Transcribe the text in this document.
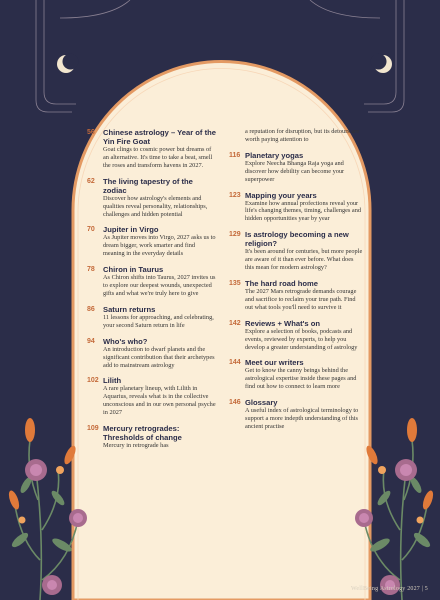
56	Chinese astrology – Year of the Yin Fire Goat
Goat clings to cosmic power but dreams of an alternative. It's time to take a beat, smell the roses and transform havens in 2027.
62	The living tapestry of the zodiac
Discover how astrology's elements and qualities reveal personality, relationships, challenges and hidden potential
70	Jupiter in Virgo
As Jupiter moves into Virgo, 2027 asks us to dream bigger, work smarter and find meaning in the everyday details
78	Chiron in Taurus
As Chiron shifts into Taurus, 2027 invites us to explore our deepest wounds, unexpected gifts and what we're truly here to give
86	Saturn returns
11 lessons for approaching, and celebrating, your second Saturn return in life
94	Who's who?
An introduction to dwarf planets and the significant contribution that their archetypes add to mainstream astrology
102 Lilith
A rare planetary lineup, with Lilith in Aquarius, reveals what is in the collective unconscious and in our own personal psyche in 2027
109 Mercury retrogrades: Thresholds of change
Mercury in retrograde has
a reputation for disruption, but its detours are worth paying attention to
116 Planetary yogas
Explore Neecha Bhanga Raja yoga and discover how debility can become your superpower
123 Mapping your years
Examine how annual profections reveal your life's changing themes, timing, challenges and hidden opportunities year by year
129 Is astrology becoming a new religion?
It's been around for centuries, but more people are aware of it than ever before. What does this mean for modern astrology?
135 The hard road home
The 2027 Mars retrograde demands courage and sacrifice to reclaim your true path. Find out what tools you'll need to survive it
142 Reviews + What's on
Explore a selection of books, podcasts and events, reviewed by experts, to help you develop a greater understanding of astrology
144 Meet our writers
Get to know the canny beings behind the astrological expertise inside these pages and find out how to connect to learn more
146 Glossary
A useful index of astrological terminology to support a more indepth understanding of this ancient practise
WellBeing Astrology 2027 | 5
